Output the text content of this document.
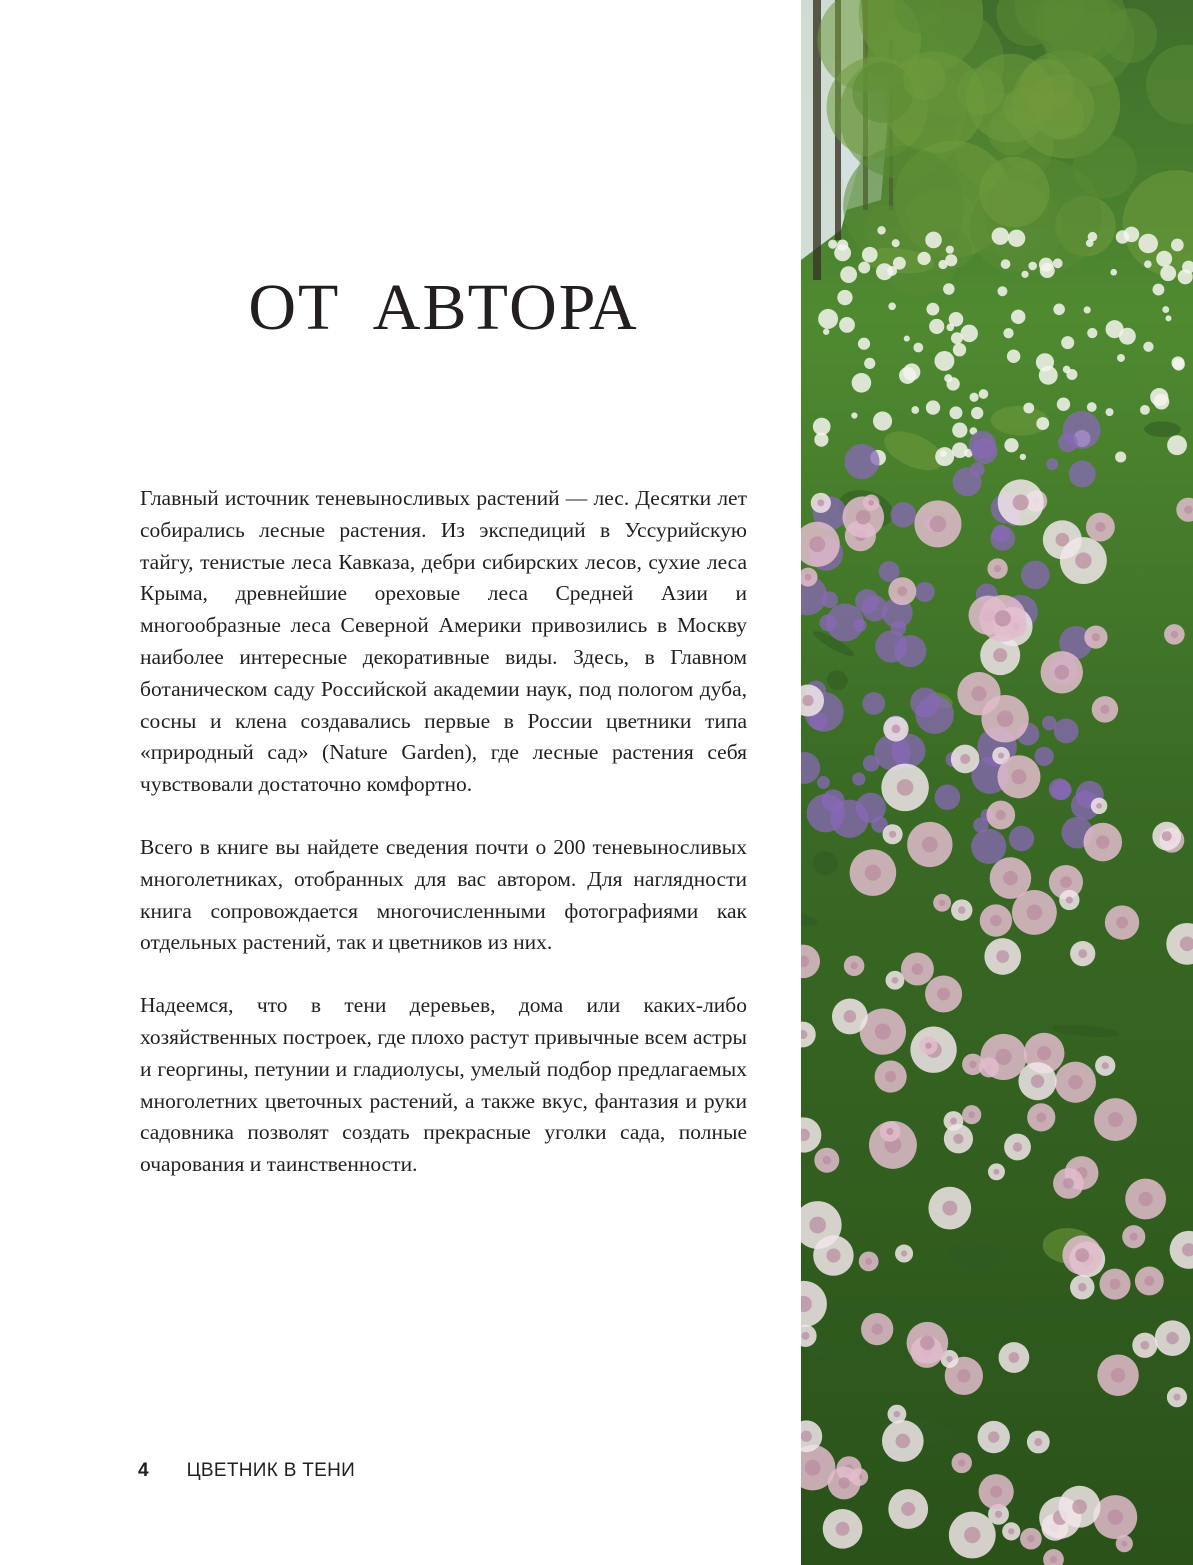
ОТ АВТОРА

Главный источник теневыносливых растений — лес. Десятки лет собирались лесные растения. Из экспедиций в Уссурийскую тайгу, тенистые леса Кавказа, дебри сибирских лесов, сухие леса Крыма, древнейшие ореховые леса Средней Азии и многообразные леса Северной Америки привозились в Москву наиболее интересные декоративные виды. Здесь, в Главном ботаническом саду Российской академии наук, под пологом дуба, сосны и клена создавались первые в России цветники типа «природный сад» (Nature Garden), где лесные растения себя чувствовали достаточно комфортно.

Всего в книге вы найдете сведения почти о 200 теневыносливых многолетниках, отобранных для вас автором. Для наглядности книга сопровождается многочисленными фотографиями как отдельных растений, так и цветников из них.

Надеемся, что в тени деревьев, дома или каких-либо хозяйственных построек, где плохо растут привычные всем астры и георгины, петунии и гладиолусы, умелый подбор предлагаемых многолетних цветочных растений, а также вкус, фантазия и руки садовника позволят создать прекрасные уголки сада, полные очарования и таинственности.

4 ЦВЕТНИК В ТЕНИ
